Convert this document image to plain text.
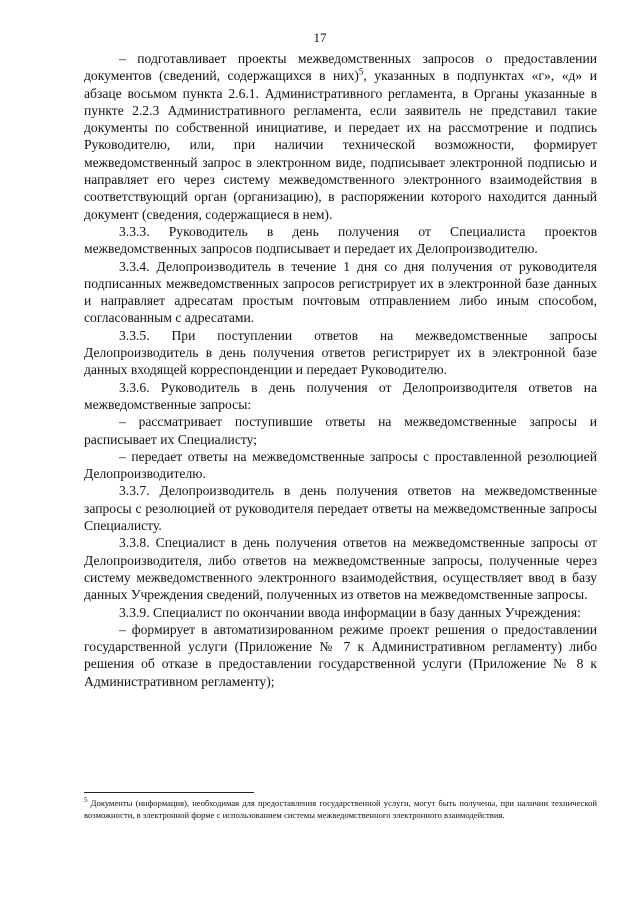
17

– подготавливает проекты межведомственных запросов о предоставлении документов (сведений, содержащихся в них)$^5$, указанных в подпунктах «г», «д» и абзаце восьмом пункта 2.6.1. Административного регламента, в Органы указанные в пункте 2.2.3 Административного регламента, если заявитель не представил такие документы по собственной инициативе, и передает их на рассмотрение и подпись Руководителю, или, при наличии технической возможности, формирует межведомственный запрос в электронном виде, подписывает электронной подписью и направляет его через систему межведомственного электронного взаимодействия в соответствующий орган (организацию), в распоряжении которого находится данный документ (сведения, содержащиеся в нем).

3.3.3. Руководитель в день получения от Специалиста проектов межведомственных запросов подписывает и передает их Делопроизводителю.

3.3.4. Делопроизводитель в течение 1 дня со дня получения от руководителя подписанных межведомственных запросов регистрирует их в электронной базе данных и направляет адресатам простым почтовым отправлением либо иным способом, согласованным с адресатами.

3.3.5. При поступлении ответов на межведомственные запросы Делопроизводитель в день получения ответов регистрирует их в электронной базе данных входящей корреспонденции и передает Руководителю.

3.3.6. Руководитель в день получения от Делопроизводителя ответов на межведомственные запросы:

– рассматривает поступившие ответы на межведомственные запросы и расписывает их Специалисту;

– передает ответы на межведомственные запросы с проставленной резолюцией Делопроизводителю.

3.3.7. Делопроизводитель в день получения ответов на межведомственные запросы с резолюцией от руководителя передает ответы на межведомственные запросы Специалисту.

3.3.8. Специалист в день получения ответов на межведомственные запросы от Делопроизводителя, либо ответов на межведомственные запросы, полученные через систему межведомственного электронного взаимодействия, осуществляет ввод в базу данных Учреждения сведений, полученных из ответов на межведомственные запросы.

3.3.9. Специалист по окончании ввода информации в базу данных Учреждения:

– формирует в автоматизированном режиме проект решения о предоставлении государственной услуги (Приложение № 7 к Административном регламенту) либо решения об отказе в предоставлении государственной услуги (Приложение № 8 к Административном регламенту);

$^5$ Документы (информация), необходимая для предоставления государственной услуги, могут быть получены, при наличии технической возможности, в электронной форме с использованием системы межведомственного электронного взаимодействия.
